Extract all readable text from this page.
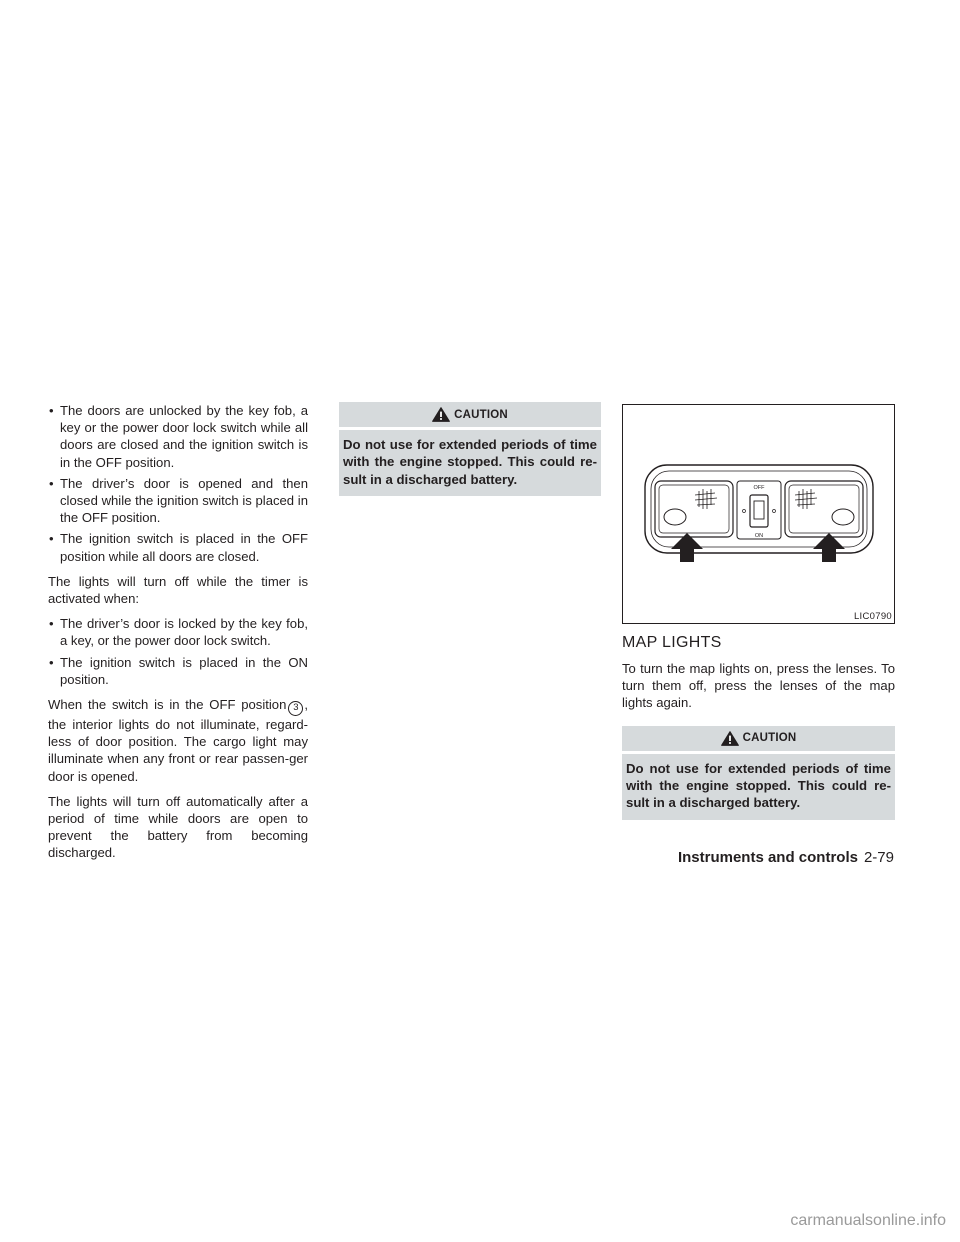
• The doors are unlocked by the key fob, a key or the power door lock switch while all doors are closed and the ignition switch is in the OFF position.
• The driver’s door is opened and then closed while the ignition switch is placed in the OFF position.
• The ignition switch is placed in the OFF position while all doors are closed.

The lights will turn off while the timer is activated when:

• The driver’s door is locked by the key fob, a key, or the power door lock switch.
• The ignition switch is placed in the ON position.

When the switch is in the OFF position 3 , the interior lights do not illuminate, regard-less of door position. The cargo light may illuminate when any front or rear passen-ger door is opened.

The lights will turn off automatically after a period of time while doors are open to prevent the battery from becoming discharged.

CAUTION
Do not use for extended periods of time with the engine stopped. This could re-sult in a discharged battery.
OFF
ON
LIC0790
MAP LIGHTS

To turn the map lights on, press the lenses. To turn them off, press the lenses of the map lights again.

CAUTION
Do not use for extended periods of time with the engine stopped. This could re-sult in a discharged battery.
Instruments and controls 2-79
carmanualsonline.info
